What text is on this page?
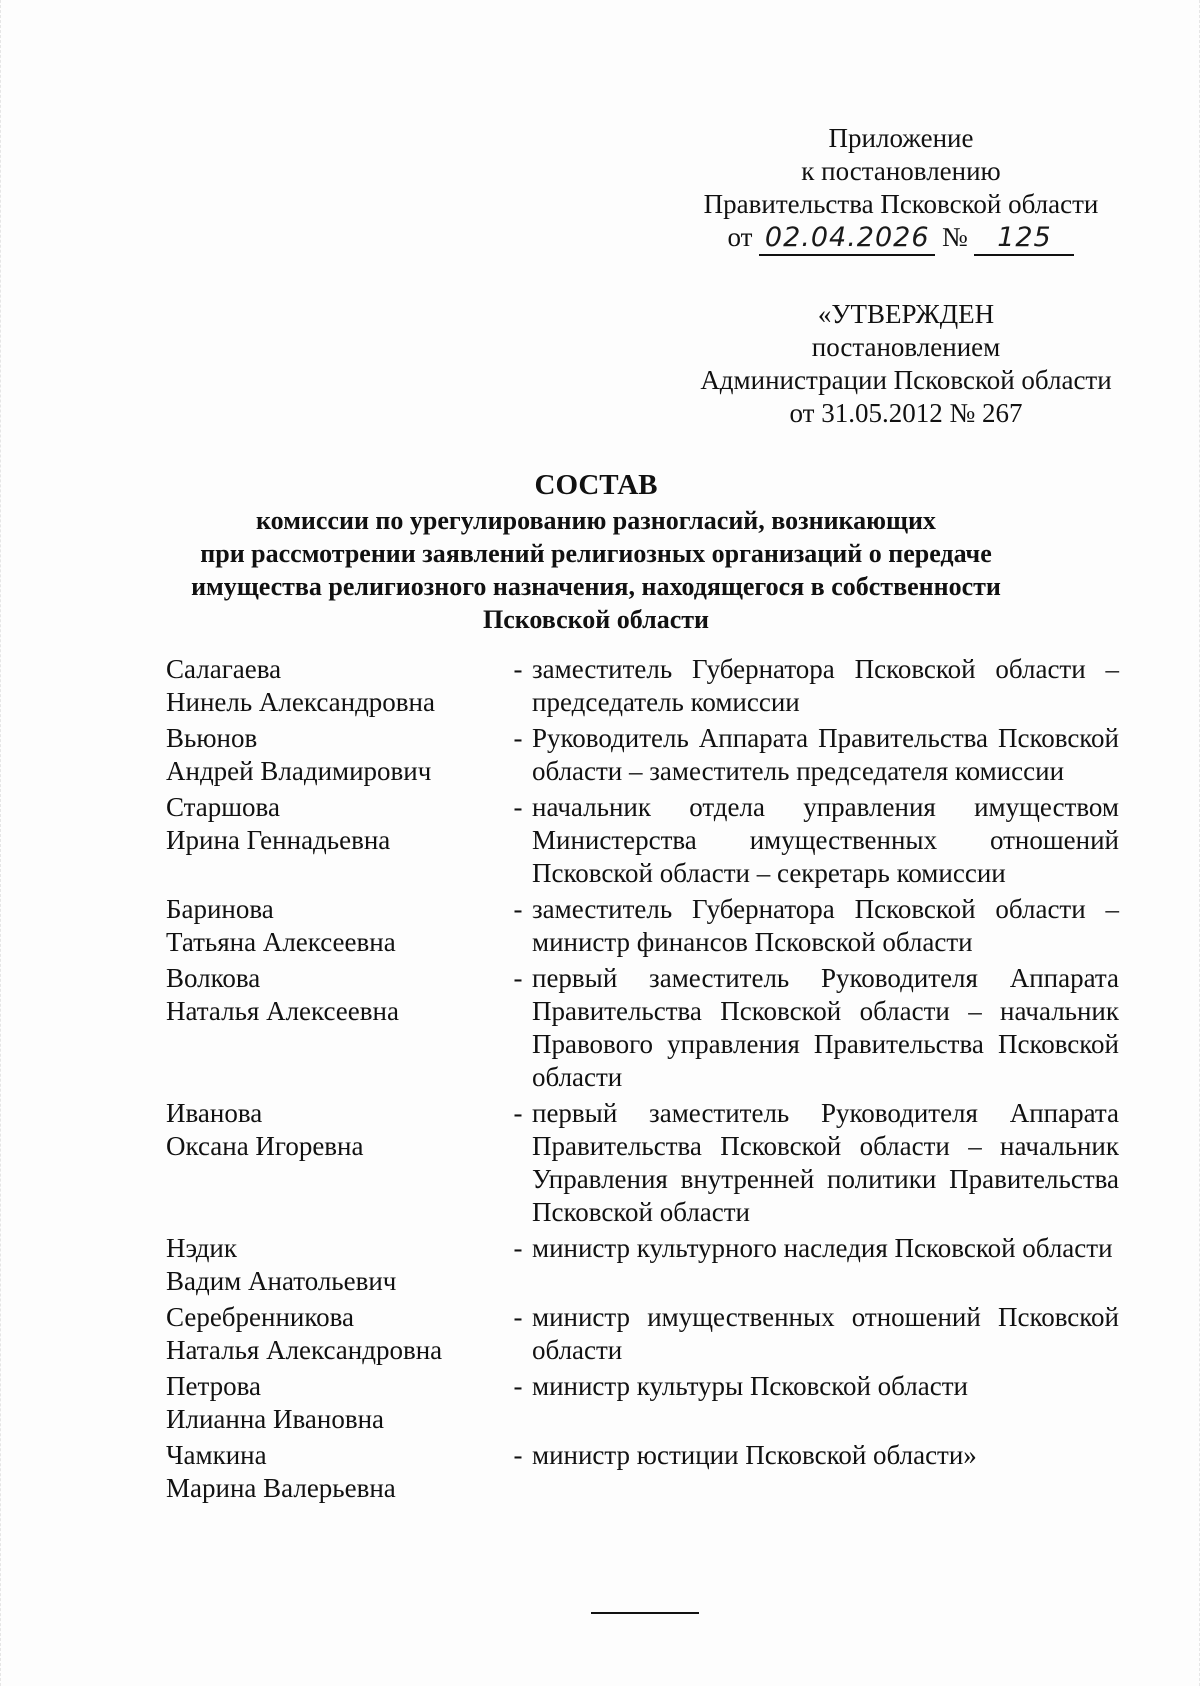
Приложение
к постановлению
Правительства Псковской области
от 02.04.2026 № 125
«УТВЕРЖДЕН
постановлением
Администрации Псковской области
от 31.05.2012 № 267
СОСТАВ
комиссии по урегулированию разногласий, возникающих
при рассмотрении заявлений религиозных организаций о передаче
имущества религиозного назначения, находящегося в собственности
Псковской области
Салагаева
Нинель Александровна
- заместитель Губернатора Псковской области – председатель комиссии
Вьюнов
Андрей Владимирович
- Руководитель Аппарата Правительства Псковской области – заместитель председателя комиссии
Старшова
Ирина Геннадьевна
- начальник отдела управления имуществом Министерства имущественных отношений Псковской области – секретарь комиссии
Баринова
Татьяна Алексеевна
- заместитель Губернатора Псковской области – министр финансов Псковской области
Волкова
Наталья Алексеевна
- первый заместитель Руководителя Аппарата Правительства Псковской области – начальник Правового управления Правительства Псковской области
Иванова
Оксана Игоревна
- первый заместитель Руководителя Аппарата Правительства Псковской области – начальник Управления внутренней политики Правительства Псковской области
Нэдик
Вадим Анатольевич
- министр культурного наследия Псковской области
Серебренникова
Наталья Александровна
- министр имущественных отношений Псковской области
Петрова
Илианна Ивановна
- министр культуры Псковской области
Чамкина
Марина Валерьевна
- министр юстиции Псковской области»
